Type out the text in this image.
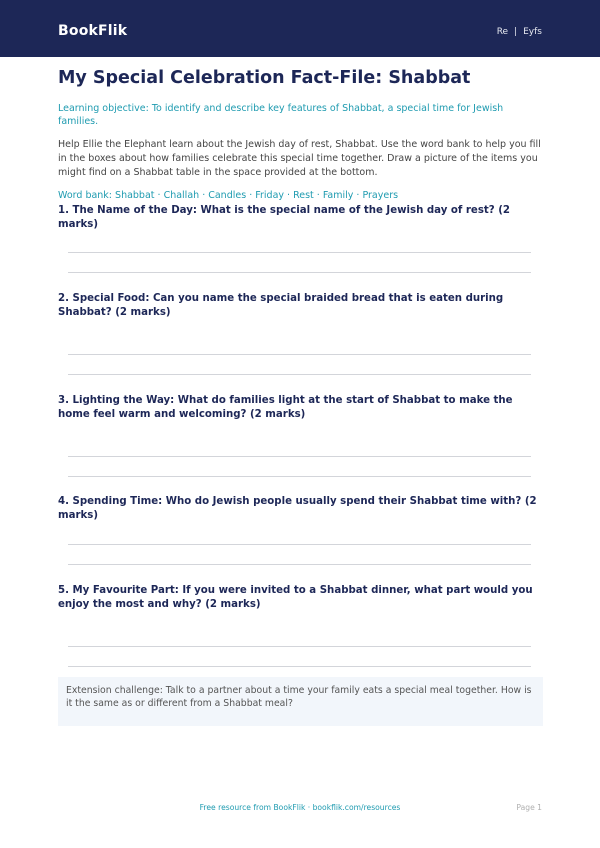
BookFlik	Re | Eyfs
My Special Celebration Fact-File: Shabbat

Learning objective: To identify and describe key features of Shabbat, a special time for Jewish families.

Help Ellie the Elephant learn about the Jewish day of rest, Shabbat. Use the word bank to help you fill in the boxes about how families celebrate this special time together. Draw a picture of the items you might find on a Shabbat table in the space provided at the bottom.

Word bank: Shabbat · Challah · Candles · Friday · Rest · Family · Prayers

1. The Name of the Day: What is the special name of the Jewish day of rest? (2 marks)

2. Special Food: Can you name the special braided bread that is eaten during Shabbat? (2 marks)

3. Lighting the Way: What do families light at the start of Shabbat to make the home feel warm and welcoming? (2 marks)

4. Spending Time: Who do Jewish people usually spend their Shabbat time with? (2 marks)

5. My Favourite Part: If you were invited to a Shabbat dinner, what part would you enjoy the most and why? (2 marks)

Extension challenge: Talk to a partner about a time your family eats a special meal together. How is it the same as or different from a Shabbat meal?
Free resource from BookFlik · bookflik.com/resources	Page 1
